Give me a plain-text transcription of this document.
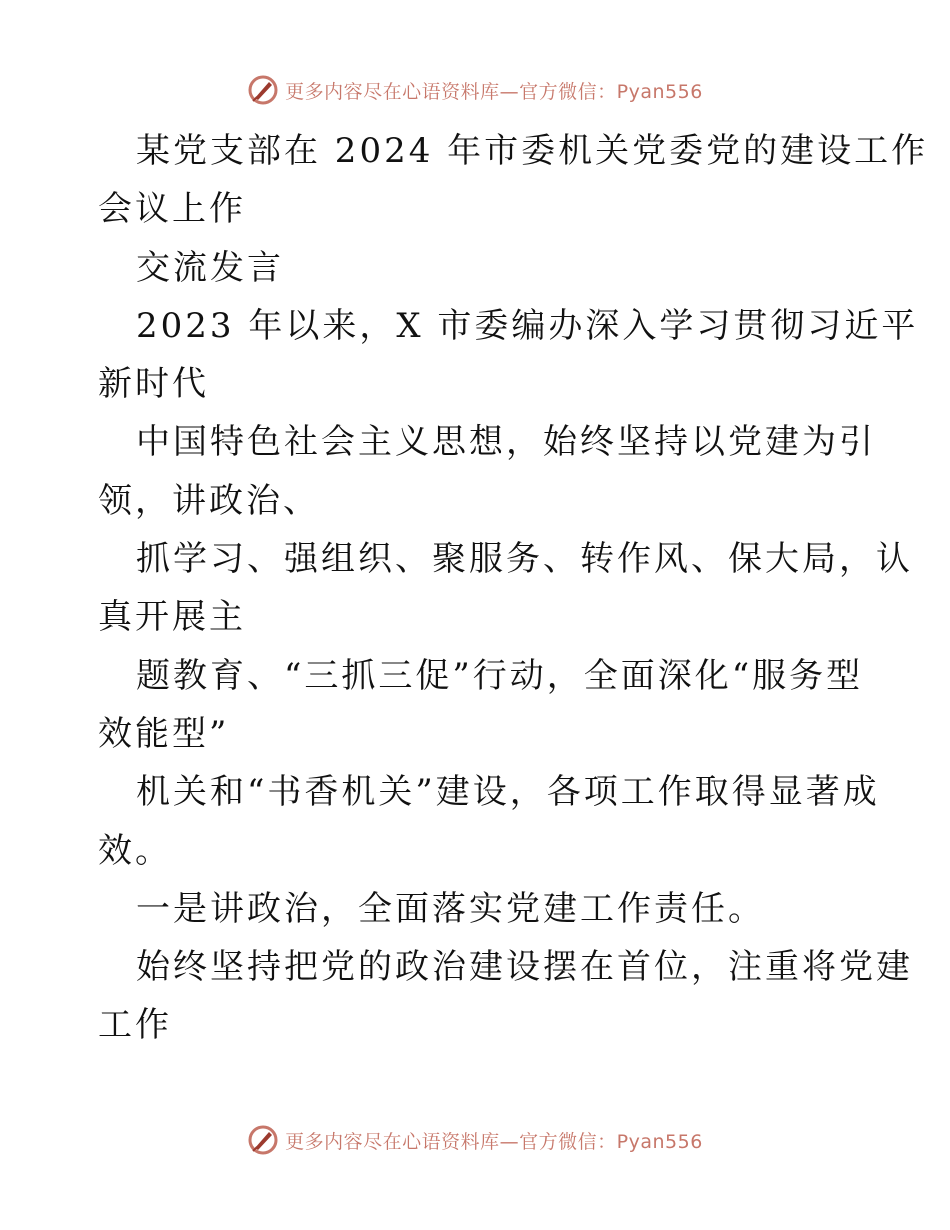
更多内容尽在心语资料库—官方微信：Pyan556
某党支部在 2024 年市委机关党委党的建设工作
会议上作
交流发言
2023 年以来，X 市委编办深入学习贯彻习近平
新时代
中国特色社会主义思想，始终坚持以党建为引
领，讲政治、
抓学习、强组织、聚服务、转作风、保大局，认
真开展主
题教育、“三抓三促”行动，全面深化“服务型
效能型”
机关和“书香机关”建设，各项工作取得显著成
效。
一是讲政治，全面落实党建工作责任。
始终坚持把党的政治建设摆在首位，注重将党建
工作
更多内容尽在心语资料库—官方微信：Pyan556
